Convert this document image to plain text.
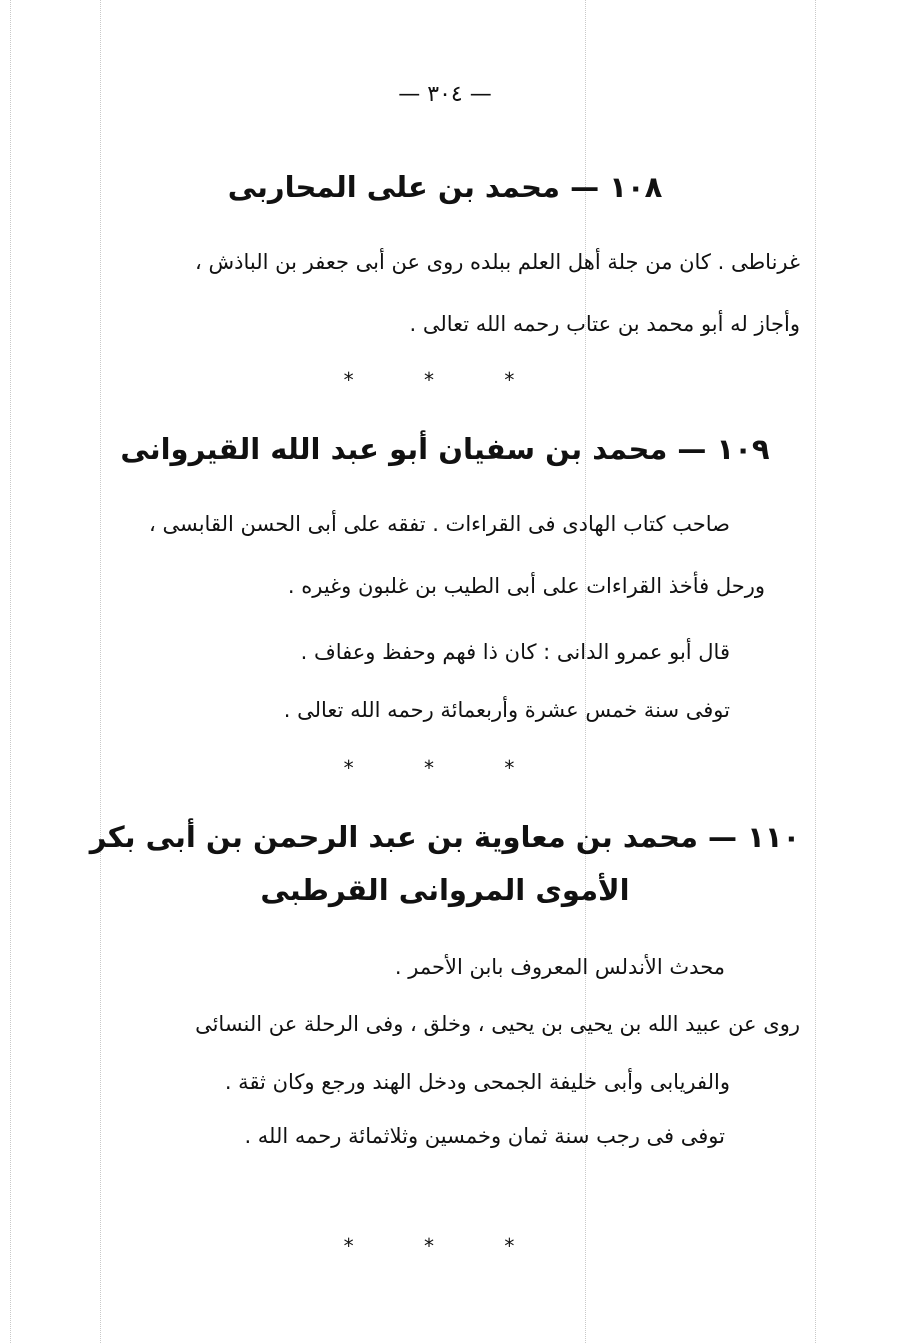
— ٣٠٤ —
١٠٨ — محمد بن على المحاربى
غرناطى . كان من جلة أهل العلم ببلده روى عن أبى جعفر بن الباذش ،
وأجاز له أبو محمد بن عتاب رحمه الله تعالى .
* * *
١٠٩ — محمد بن سفيان أبو عبد الله القيروانى
صاحب كتاب الهادى فى القراءات . تفقه على أبى الحسن القابسى ،
ورحل فأخذ القراءات على أبى الطيب بن غلبون وغيره .
قال أبو عمرو الدانى : كان ذا فهم وحفظ وعفاف .
توفى سنة خمس عشرة وأربعمائة رحمه الله تعالى .
* * *
١١٠ — محمد بن معاوية بن عبد الرحمن بن أبى بكر
الأموى المروانى القرطبى
محدث الأندلس المعروف بابن الأحمر .
روى عن عبيد الله بن يحيى بن يحيى ، وخلق ، وفى الرحلة عن النسائى
والفريابى وأبى خليفة الجمحى ودخل الهند ورجع وكان ثقة .
توفى فى رجب سنة ثمان وخمسين وثلاثمائة رحمه الله .
* * *
